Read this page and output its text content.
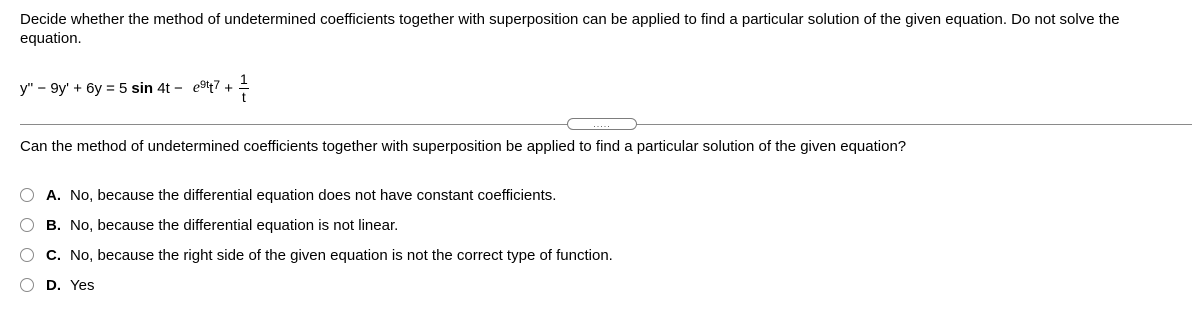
Decide whether the method of undetermined coefficients together with superposition can be applied to find a particular solution of the given equation. Do not solve the equation.
y'' − 9y' + 6y = 5 $\sin 4t - e^{9t}$ $t^7 + \frac{1}{t}$
.....
Can the method of undetermined coefficients together with superposition be applied to find a particular solution of the given equation?
A. No, because the differential equation does not have constant coefficients.
B. No, because the differential equation is not linear.
C. No, because the right side of the given equation is not the correct type of function.
D. Yes
